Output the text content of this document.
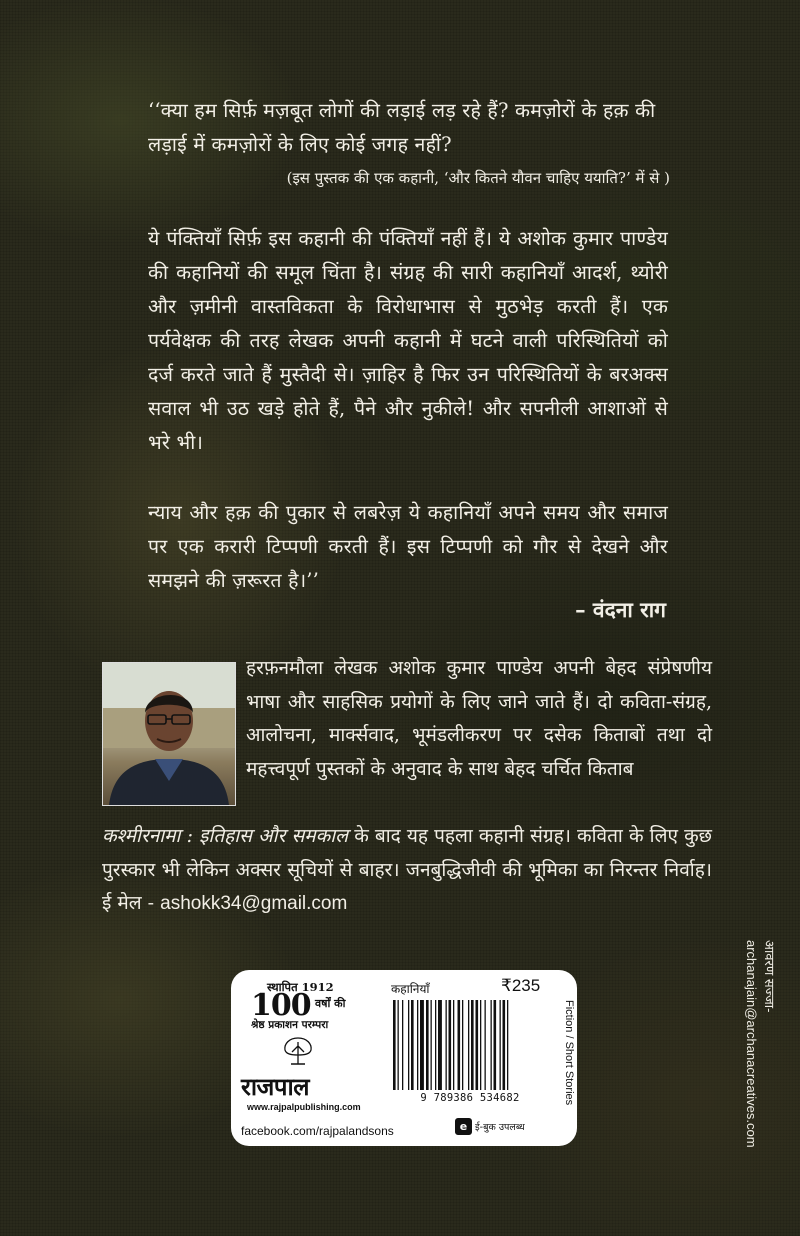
‘‘क्या हम सिर्फ़ मज़बूत लोगों की लड़ाई लड़ रहे हैं? कमज़ोरों के हक़ की लड़ाई में कमज़ोरों के लिए कोई जगह नहीं?
(इस पुस्तक की एक कहानी, ‘और कितने यौवन चाहिए ययाति?’ में से )
ये पंक्तियाँ सिर्फ़ इस कहानी की पंक्तियाँ नहीं हैं। ये अशोक कुमार पाण्डेय की कहानियों की समूल चिंता है। संग्रह की सारी कहानियाँ आदर्श, थ्योरी और ज़मीनी वास्तविकता के विरोधाभास से मुठभेड़ करती हैं। एक पर्यवेक्षक की तरह लेखक अपनी कहानी में घटने वाली परिस्थितियों को दर्ज करते जाते हैं मुस्तैदी से। ज़ाहिर है फिर उन परिस्थितियों के बरअक्स सवाल भी उठ खड़े होते हैं, पैने और नुकीले! और सपनीली आशाओं से भरे भी।
न्याय और हक़ की पुकार से लबरेज़ ये कहानियाँ अपने समय और समाज पर एक करारी टिप्पणी करती हैं। इस टिप्पणी को गौर से देखने और समझने की ज़रूरत है।’’
– वंदना राग
हरफ़नमौला लेखक अशोक कुमार पाण्डेय अपनी बेहद संप्रेषणीय भाषा और साहसिक प्रयोगों के लिए जाने जाते हैं। दो कविता-संग्रह, आलोचना, मार्क्सवाद, भूमंडलीकरण पर दसेक किताबों तथा दो महत्त्वपूर्ण पुस्तकों के अनुवाद के साथ बेहद चर्चित किताब
कश्मीरनामा : इतिहास और समकाल के बाद यह पहला कहानी संग्रह। कविता के लिए कुछ पुरस्कार भी लेकिन अक्सर सूचियों से बाहर। जनबुद्धिजीवी की भूमिका का निरन्तर निर्वाह। ई मेल - ashokk34@gmail.com
स्थापित 1912
100 वर्षों की
श्रेष्ठ प्रकाशन परम्परा
राजपाल
www.rajpalpublishing.com
facebook.com/rajpalandsons
कहानियाँ	₹235
9 789386 534682
e ई-बुक उपलब्ध
Fiction / Short Stories
आवरण सज्जा-
archanajain@archanacreatives.com
